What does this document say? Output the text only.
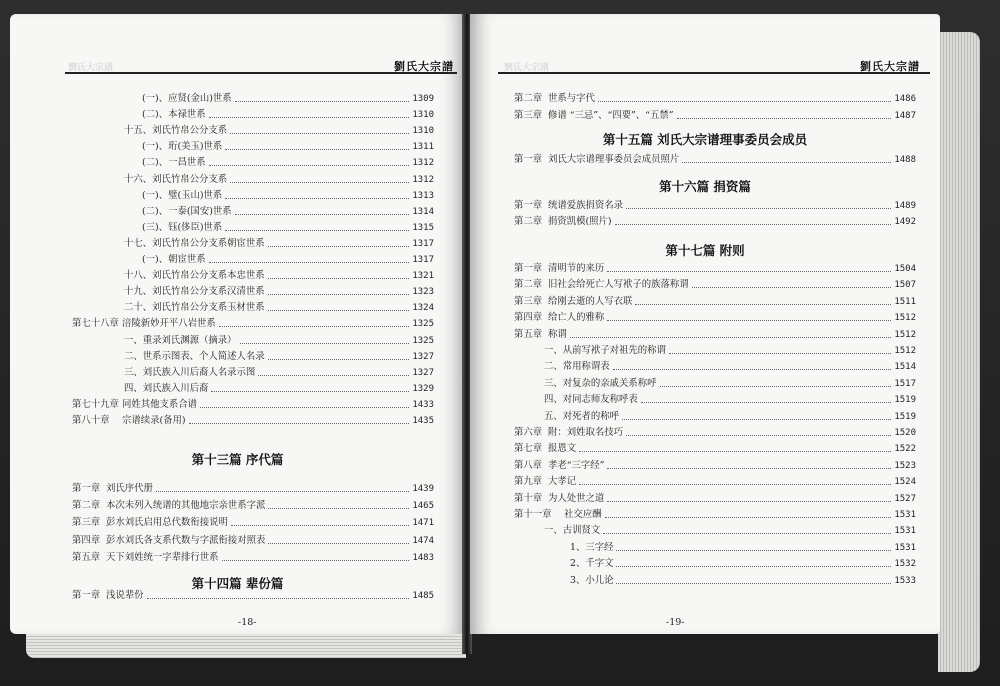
劉氏大宗譜	劉氏大宗譜
(一)、应贤(金山)世系	1309
(二)、本禄世系	1310
十五、刘氏竹帛公分支系	1310
(一)、珩(美玉)世系	1311
(二)、一昌世系	1312
十六、刘氏竹帛公分支系	1312
(一)、璧(玉山)世系	1313
(二)、一泰(国安)世系	1314
(三)、钰(侈臣)世系	1315
十七、刘氏竹帛公分支系朝宦世系	1317
(一)、朝宦世系	1317
十八、刘氏竹帛公分支系本忠世系	1321
十九、刘氏竹帛公分支系汉清世系	1323
二十、刘氏竹帛公分支系玉材世系	1324
第七十八章 涪陵新妙开平八岩世系	1325
一、重录刘氏渊源（摘录）	1325
二、世系示图表、个人简述人名录	1327
三、刘氏族入川后裔人名录示图	1327
四、刘氏族入川后裔	1329
第七十九章 同姓其他支系合谱	1433
第八十章	宗谱续录(备用)	1435
第十三篇 序代篇
第一章 刘氏序代册	1439
第二章 本次未列入统谱的其他地宗亲世系字派	1465
第三章 彭水刘氏启用总代数衔接说明	1471
第四章 彭水刘氏各支系代数与字派衔接对照表	1474
第五章 天下刘姓统一字辈排行世系	1483
第十四篇 辈份篇
第一章 浅说辈份	1485
-18-
劉氏大宗譜	劉氏大宗譜
第二章 世系与字代	1486
第三章 修谱 “三忌”、“四要”、“五禁”	1487
第十五篇 刘氏大宗谱理事委员会成员
第一章 刘氏大宗谱理事委员会成员照片	1488
第十六篇 捐资篇
第一章 统谱爱族捐资名录	1489
第二章 捐资凯模(照片)	1492
第十七篇 附则
第一章 清明节的来历	1504
第二章 旧社会给死亡人写袱子的族落称谓	1507
第三章 给刚去逝的人写衣联	1511
第四章 给亡人的雅称	1512
第五章 称谓	1512
一、从前写袱子对祖先的称谓	1512
二、常用称谓表	1514
三、对复杂的亲戚关系称呼	1517
四、对同志师友称呼表	1519
五、对死者的称呼	1519
第六章 附：刘姓取名技巧	1520
第七章 报恩文	1522
第八章 孝老“三字经”	1523
第九章 大孝记	1524
第十章 为人处世之道	1527
第十一章	社交应酬	1531
一、古训贤文	1531
1、三字经	1531
2、千字文	1532
3、小儿论	1533
-19-
